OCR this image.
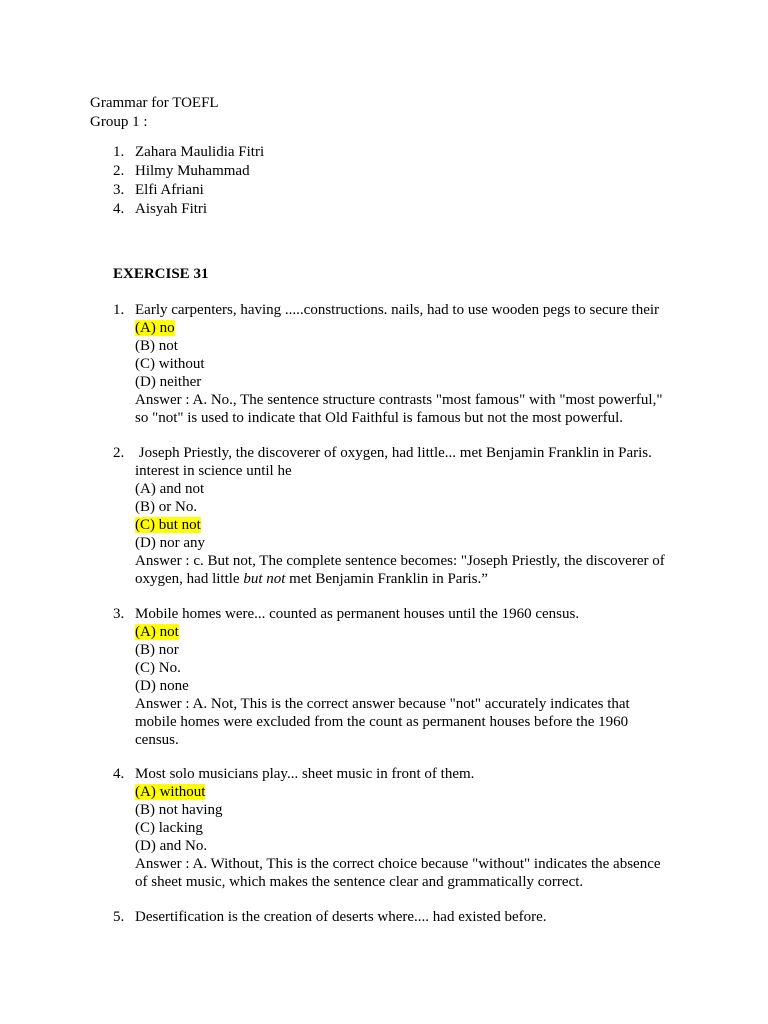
Grammar for TOEFL
Group 1 :
1. Zahara Maulidia Fitri
2. Hilmy Muhammad
3. Elfi Afriani
4. Aisyah Fitri
EXERCISE 31
1. Early carpenters, having .....constructions. nails, had to use wooden pegs to secure their
(A) no
(B) not
(C) without
(D) neither
Answer : A. No., The sentence structure contrasts "most famous" with "most powerful,"
so "not" is used to indicate that Old Faithful is famous but not the most powerful.
2. Joseph Priestly, the discoverer of oxygen, had little... met Benjamin Franklin in Paris.
interest in science until he
(A) and not
(B) or No.
(C) but not
(D) nor any
Answer : c. But not, The complete sentence becomes: "Joseph Priestly, the discoverer of
oxygen, had little but not met Benjamin Franklin in Paris.”
3. Mobile homes were... counted as permanent houses until the 1960 census.
(A) not
(B) nor
(C) No.
(D) none
Answer : A. Not, This is the correct answer because "not" accurately indicates that
mobile homes were excluded from the count as permanent houses before the 1960
census.
4. Most solo musicians play... sheet music in front of them.
(A) without
(B) not having
(C) lacking
(D) and No.
Answer : A. Without, This is the correct choice because "without" indicates the absence
of sheet music, which makes the sentence clear and grammatically correct.
5. Desertification is the creation of deserts where.... had existed before.
